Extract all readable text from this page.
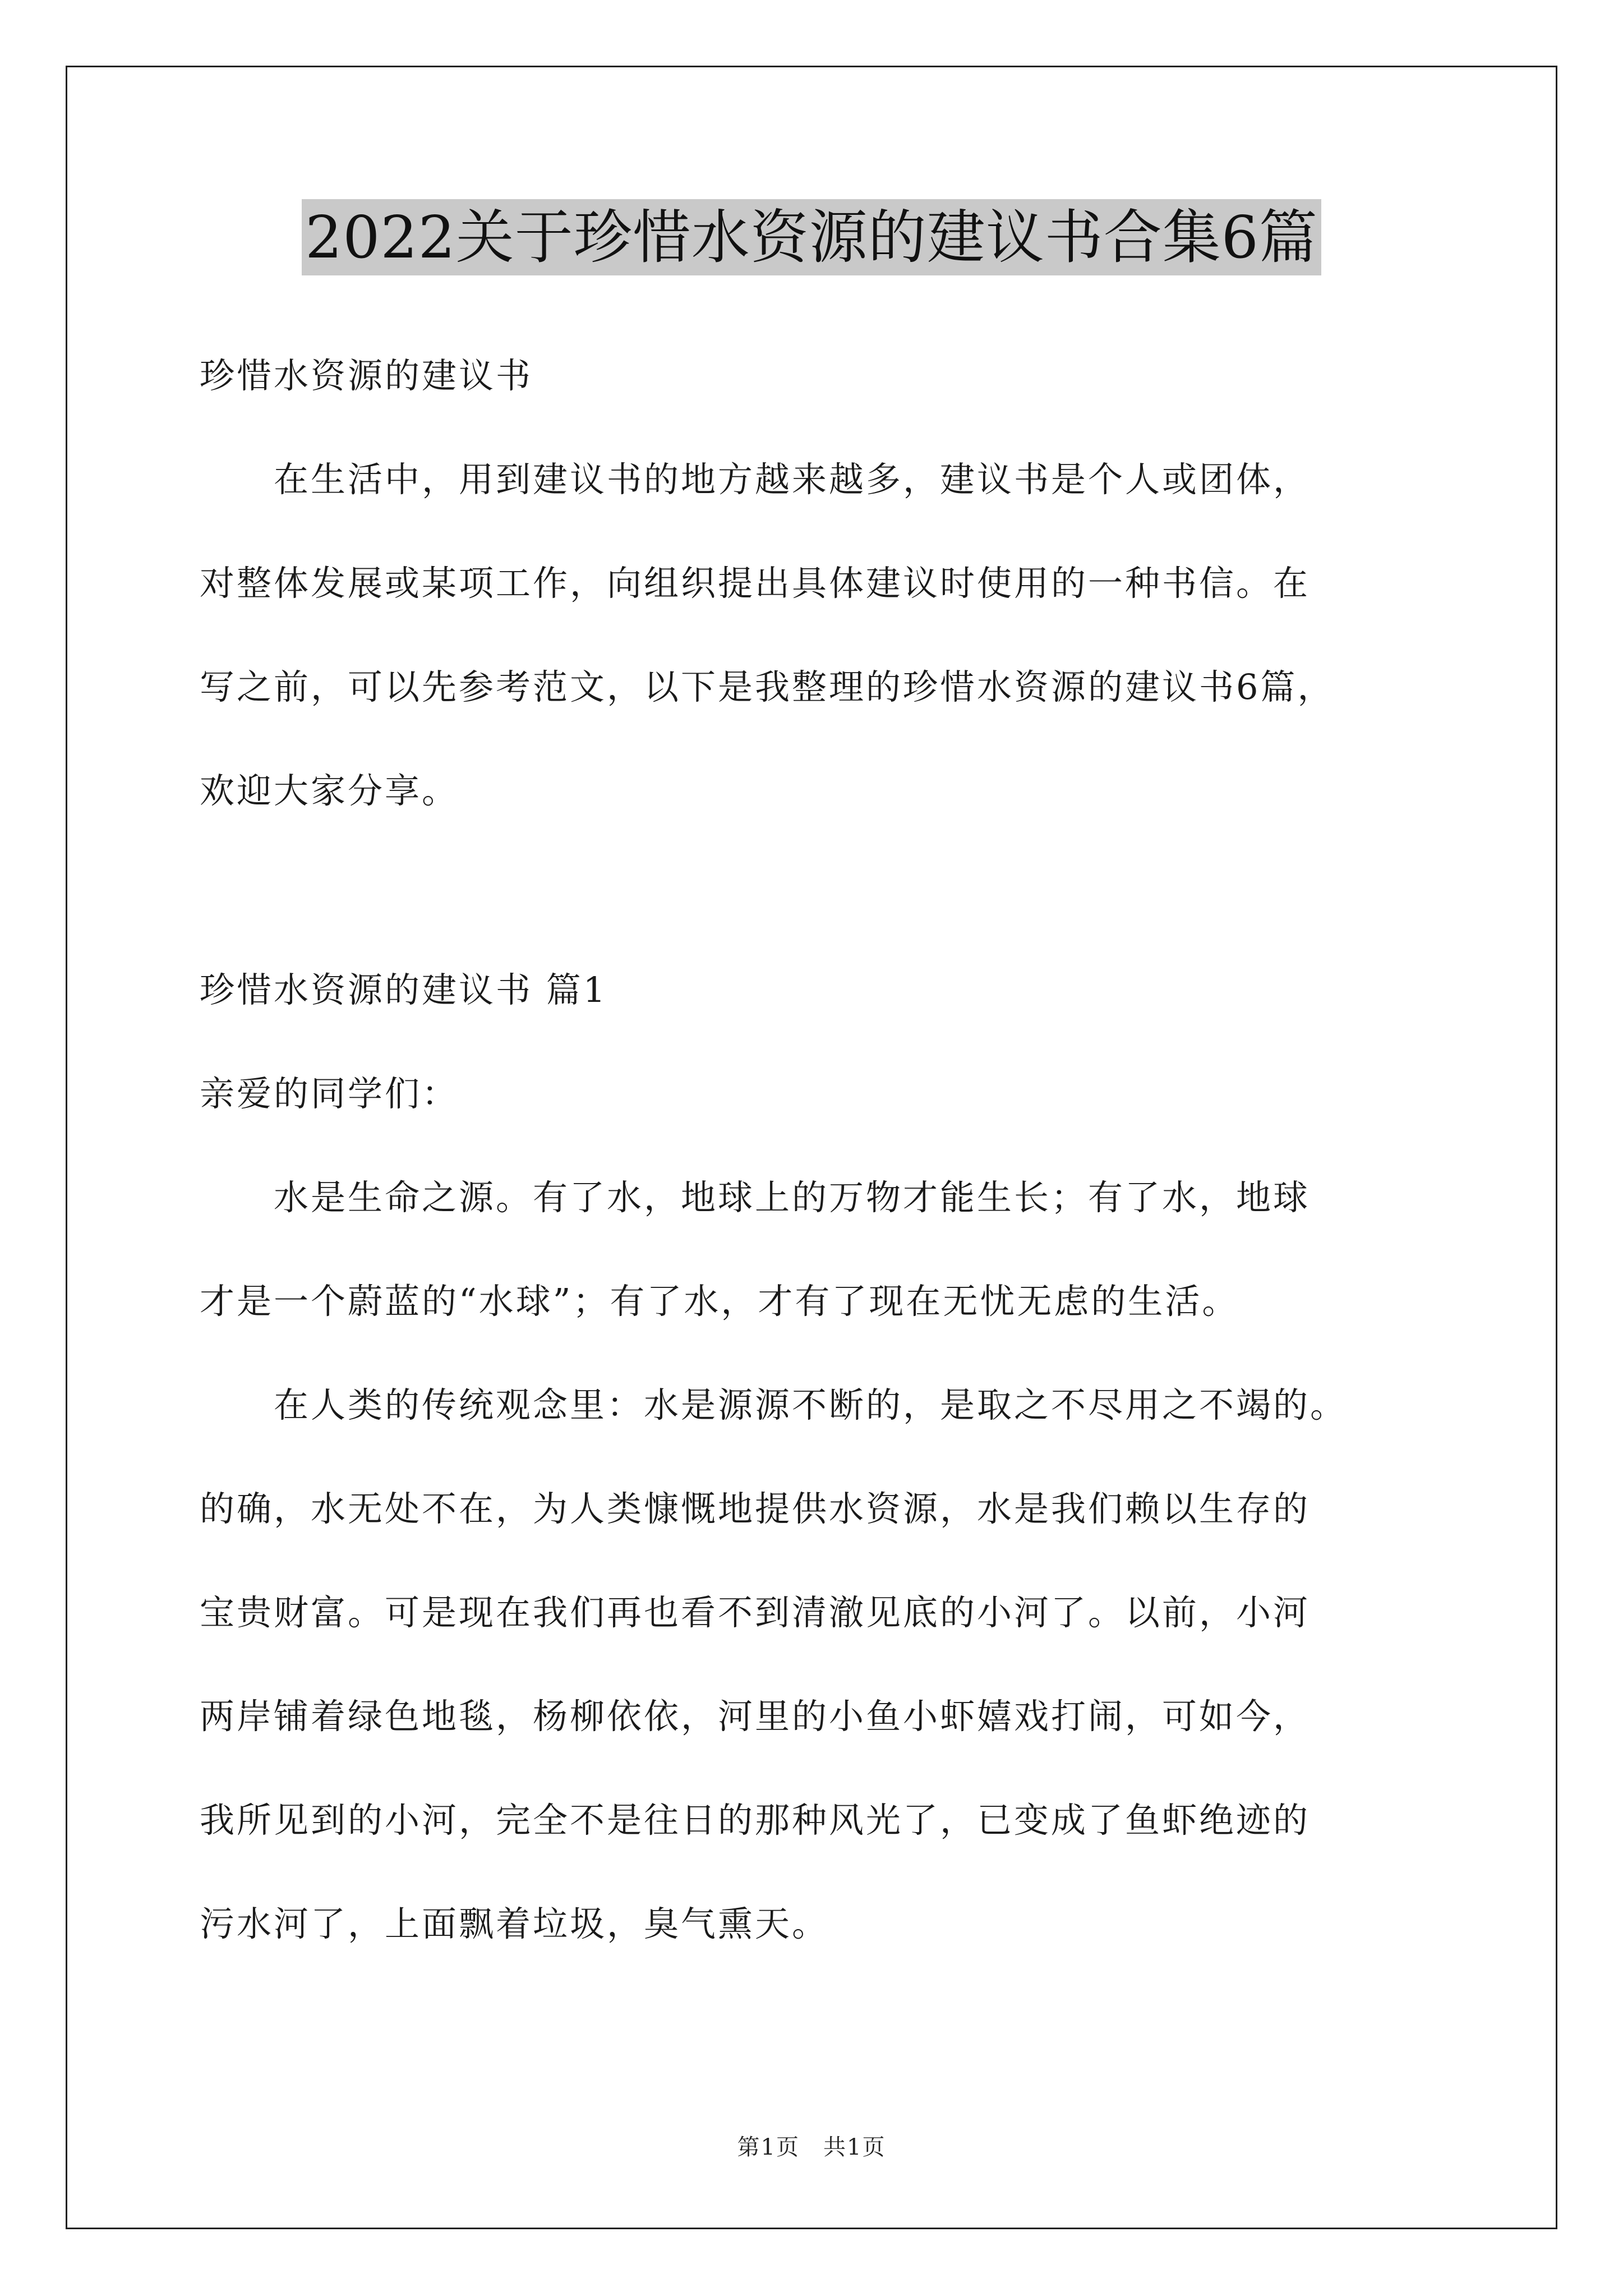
2022关于珍惜水资源的建议书合集6篇
珍惜水资源的建议书
　　在生活中，用到建议书的地方越来越多，建议书是个人或团体，
对整体发展或某项工作，向组织提出具体建议时使用的一种书信。在
写之前，可以先参考范文，以下是我整理的珍惜水资源的建议书6篇，
欢迎大家分享。
珍惜水资源的建议书 篇1
亲爱的同学们：
　　水是生命之源。有了水，地球上的万物才能生长；有了水，地球
才是一个蔚蓝的“水球”；有了水，才有了现在无忧无虑的生活。
　　在人类的传统观念里：水是源源不断的，是取之不尽用之不竭的。
的确，水无处不在，为人类慷慨地提供水资源，水是我们赖以生存的
宝贵财富。可是现在我们再也看不到清澈见底的小河了。以前，小河
两岸铺着绿色地毯，杨柳依依，河里的小鱼小虾嬉戏打闹，可如今，
我所见到的小河，完全不是往日的那种风光了，已变成了鱼虾绝迹的
污水河了，上面飘着垃圾，臭气熏天。
第1页　共1页
